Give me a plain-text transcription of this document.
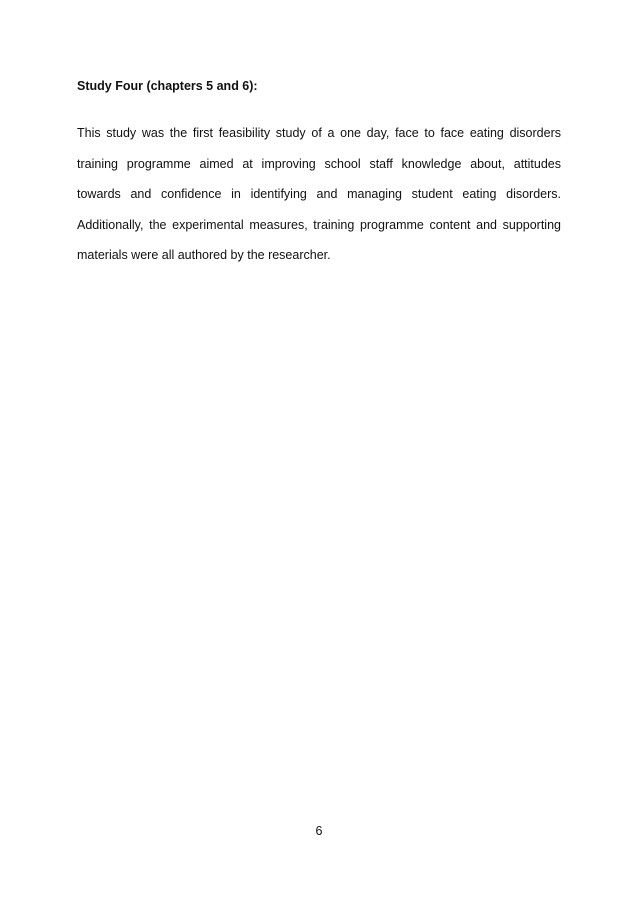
Study Four (chapters 5 and 6):
This study was the first feasibility study of a one day, face to face eating disorders
training programme aimed at improving school staff knowledge about, attitudes
towards and confidence in identifying and managing student eating disorders.
Additionally, the experimental measures, training programme content and supporting
materials were all authored by the researcher.
6
